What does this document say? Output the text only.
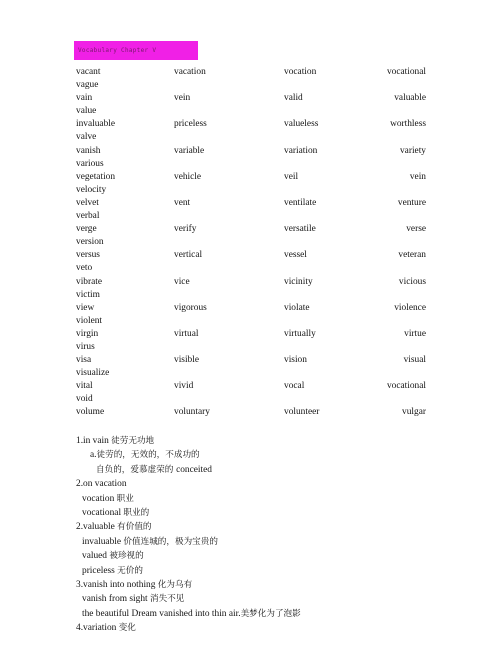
Vocabulary Chapter V
vacant	vacation	vocation	vocational
vague
vain	vein	valid	valuable
value
invaluable	priceless	valueless	worthless
valve
vanish	variable	variation	variety
various
vegetation	vehicle	veil	vein
velocity
velvet	vent	ventilate	venture
verbal
verge	verify	versatile	verse
version
versus	vertical	vessel	veteran
veto
vibrate	vice	vicinity	vicious
victim
view	vigorous	violate	violence
violent
virgin	virtual	virtually	virtue
virus
visa	visible	vision	visual
visualize
vital	vivid	vocal	vocational
void
volume	voluntary	volunteer	vulgar
1.in vain 徒劳无功地
a.徒劳的，无效的，不成功的
自负的，爱慕虚荣的 conceited
2.on vacation
vocation 职业
vocational 职业的
2.valuable 有价值的
invaluable 价值连城的，极为宝贵的
valued 被珍视的
priceless 无价的
3.vanish into nothing 化为乌有
vanish from sight 消失不见
the beautiful Dream vanished into thin air.美梦化为了泡影
4.variation 变化
